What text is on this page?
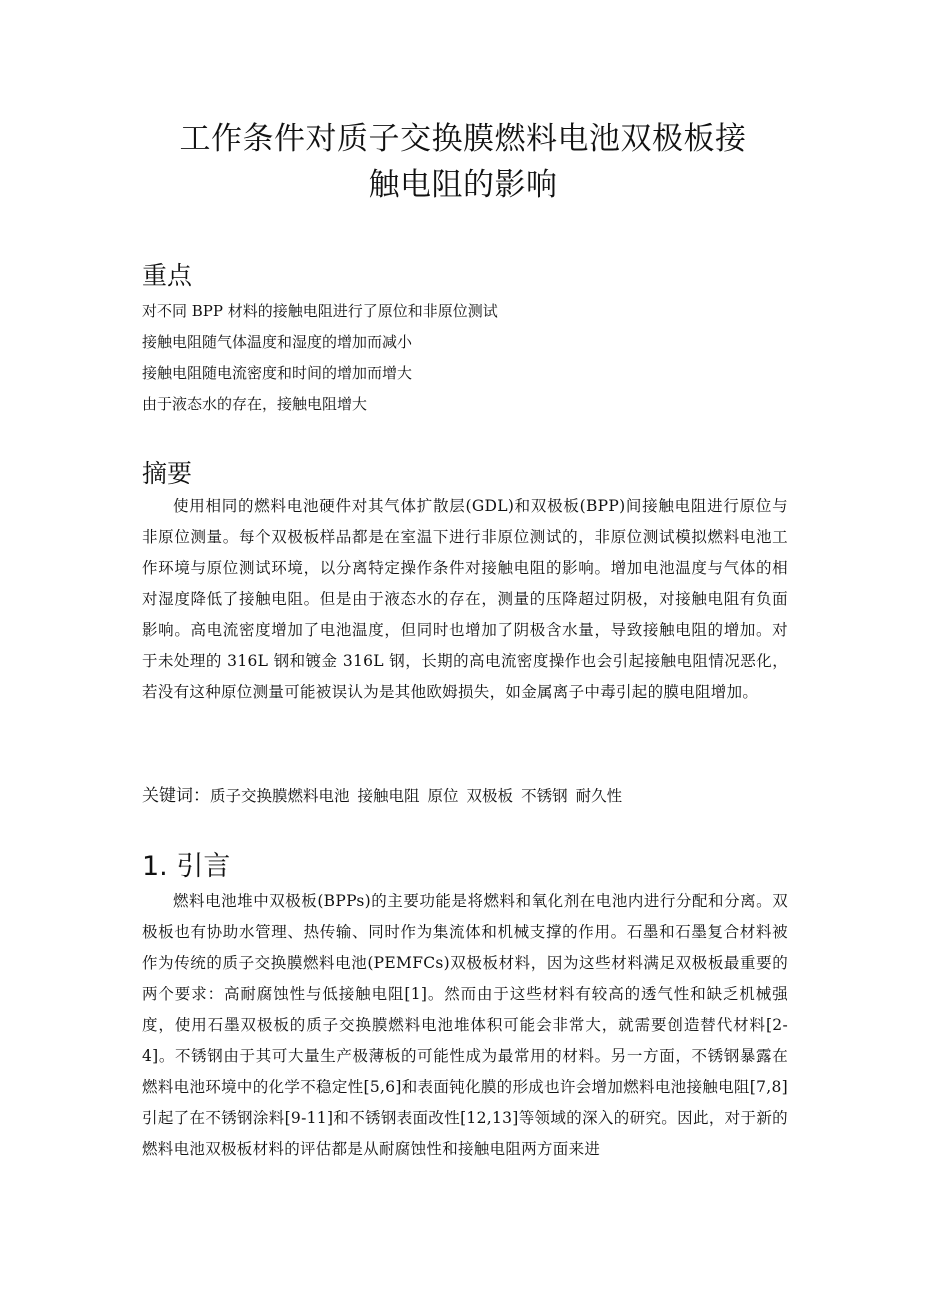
工作条件对质子交换膜燃料电池双极板接
触电阻的影响
重点
对不同 BPP 材料的接触电阻进行了原位和非原位测试
接触电阻随气体温度和湿度的增加而减小
接触电阻随电流密度和时间的增加而增大
由于液态水的存在，接触电阻增大
摘要
使用相同的燃料电池硬件对其气体扩散层(GDL)和双极板(BPP)间接触电阻进行原位与非原位测量。每个双极板样品都是在室温下进行非原位测试的，非原位测试模拟燃料电池工作环境与原位测试环境，以分离特定操作条件对接触电阻的影响。增加电池温度与气体的相对湿度降低了接触电阻。但是由于液态水的存在，测量的压降超过阴极，对接触电阻有负面影响。高电流密度增加了电池温度，但同时也增加了阴极含水量，导致接触电阻的增加。对于未处理的 316L 钢和镀金 316L 钢，长期的高电流密度操作也会引起接触电阻情况恶化，若没有这种原位测量可能被误认为是其他欧姆损失，如金属离子中毒引起的膜电阻增加。
关键词：质子交换膜燃料电池 接触电阻 原位 双极板 不锈钢 耐久性
1. 引言
燃料电池堆中双极板(BPPs)的主要功能是将燃料和氧化剂在电池内进行分配和分离。双极板也有协助水管理、热传输、同时作为集流体和机械支撑的作用。石墨和石墨复合材料被作为传统的质子交换膜燃料电池(PEMFCs)双极板材料，因为这些材料满足双极板最重要的两个要求：高耐腐蚀性与低接触电阻[1]。然而由于这些材料有较高的透气性和缺乏机械强度，使用石墨双极板的质子交换膜燃料电池堆体积可能会非常大，就需要创造替代材料[2-4]。不锈钢由于其可大量生产极薄板的可能性成为最常用的材料。另一方面，不锈钢暴露在燃料电池环境中的化学不稳定性[5,6]和表面钝化膜的形成也许会增加燃料电池接触电阻[7,8]引起了在不锈钢涂料[9-11]和不锈钢表面改性[12,13]等领域的深入的研究。因此，对于新的燃料电池双极板材料的评估都是从耐腐蚀性和接触电阻两方面来进
